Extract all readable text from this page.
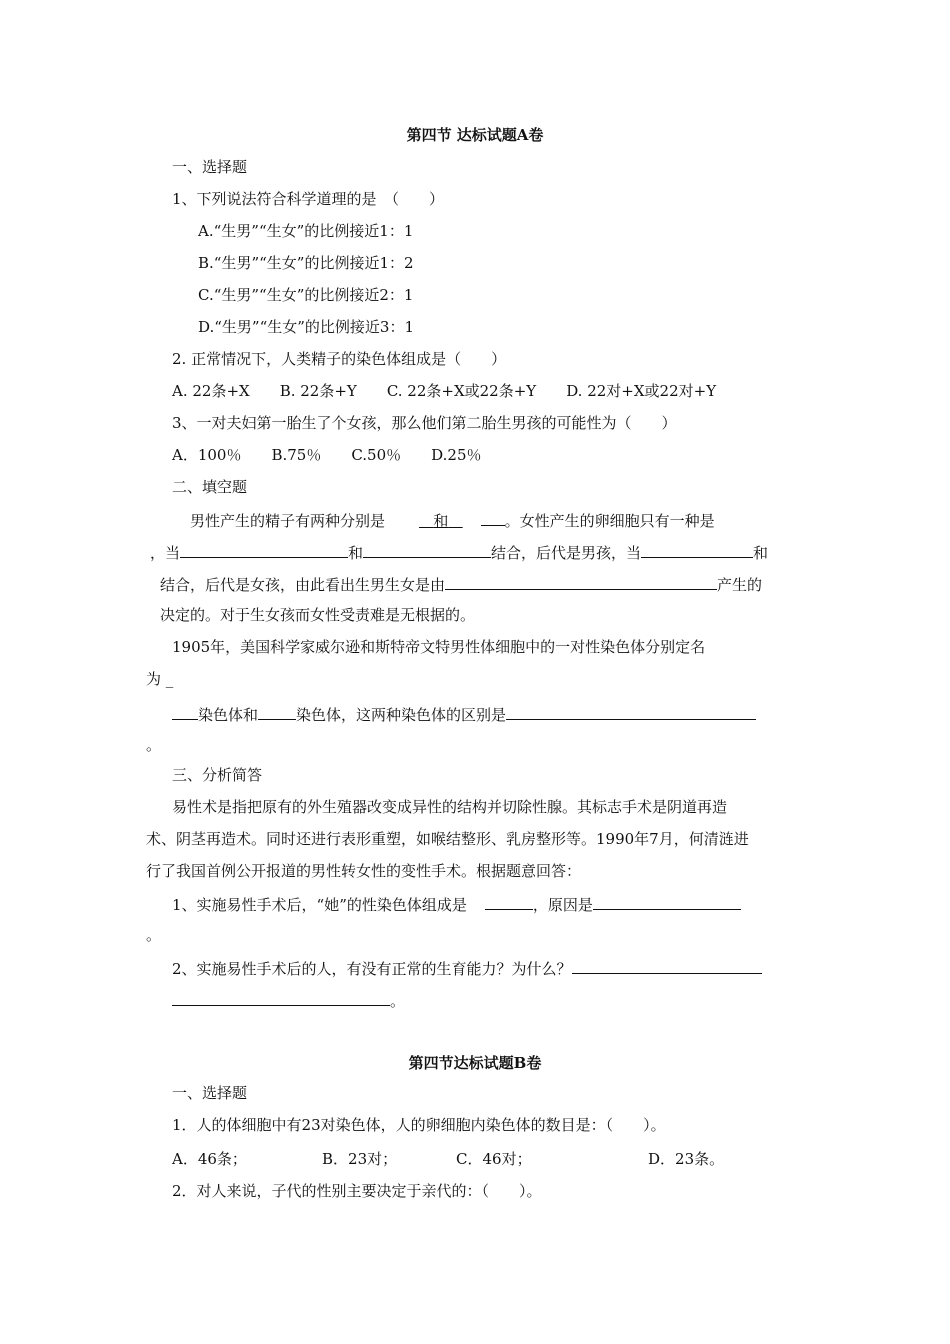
第四节 达标试题A卷
一、选择题
1、下列说法符合科学道理的是　（　　）
A.“生男”“生女”的比例接近1：1
B.“生男”“生女”的比例接近1：2
C.“生男”“生女”的比例接近2：1
D.“生男”“生女”的比例接近3：1
2. 正常情况下，人类精子的染色体组成是（　　）
A. 22条+X　　B. 22条+Y　　C. 22条+X或22条+Y　　D. 22对+X或22对+Y
3、一对夫妇第一胎生了个女孩，那么他们第二胎生男孩的可能性为（　　）
A．100％　　B.75％　　C.50％　　D.25％
二、填空题
男性产生的精子有两种分别是	和	。女性产生的卵细胞只有一种是
，当	和	结合，后代是男孩，当	和
结合，后代是女孩，由此看出生男生女是由	产生的
决定的。对于生女孩而女性受责难是无根据的。
1905年，美国科学家威尔逊和斯特帝文特男性体细胞中的一对性染色体分别定名
为 _
染色体和	染色体，这两种染色体的区别是
。
三、分析简答
易性术是指把原有的外生殖器改变成异性的结构并切除性腺。其标志手术是阴道再造
术、阴茎再造术。同时还进行表形重塑，如喉结整形、乳房整形等。1990年7月，何清涟进
行了我国首例公开报道的男性转女性的变性手术。根据题意回答：
1、实施易性手术后，“她”的性染色体组成是	，原因是
。
2、实施易性手术后的人，有没有正常的生育能力？为什么？
。
第四节达标试题B卷
一、选择题
1．人的体细胞中有23对染色体，人的卵细胞内染色体的数目是：（　　）。
A．46条；	B．23对；	C．46对；	D．23条。
2．对人来说，子代的性别主要决定于亲代的：（　　）。
